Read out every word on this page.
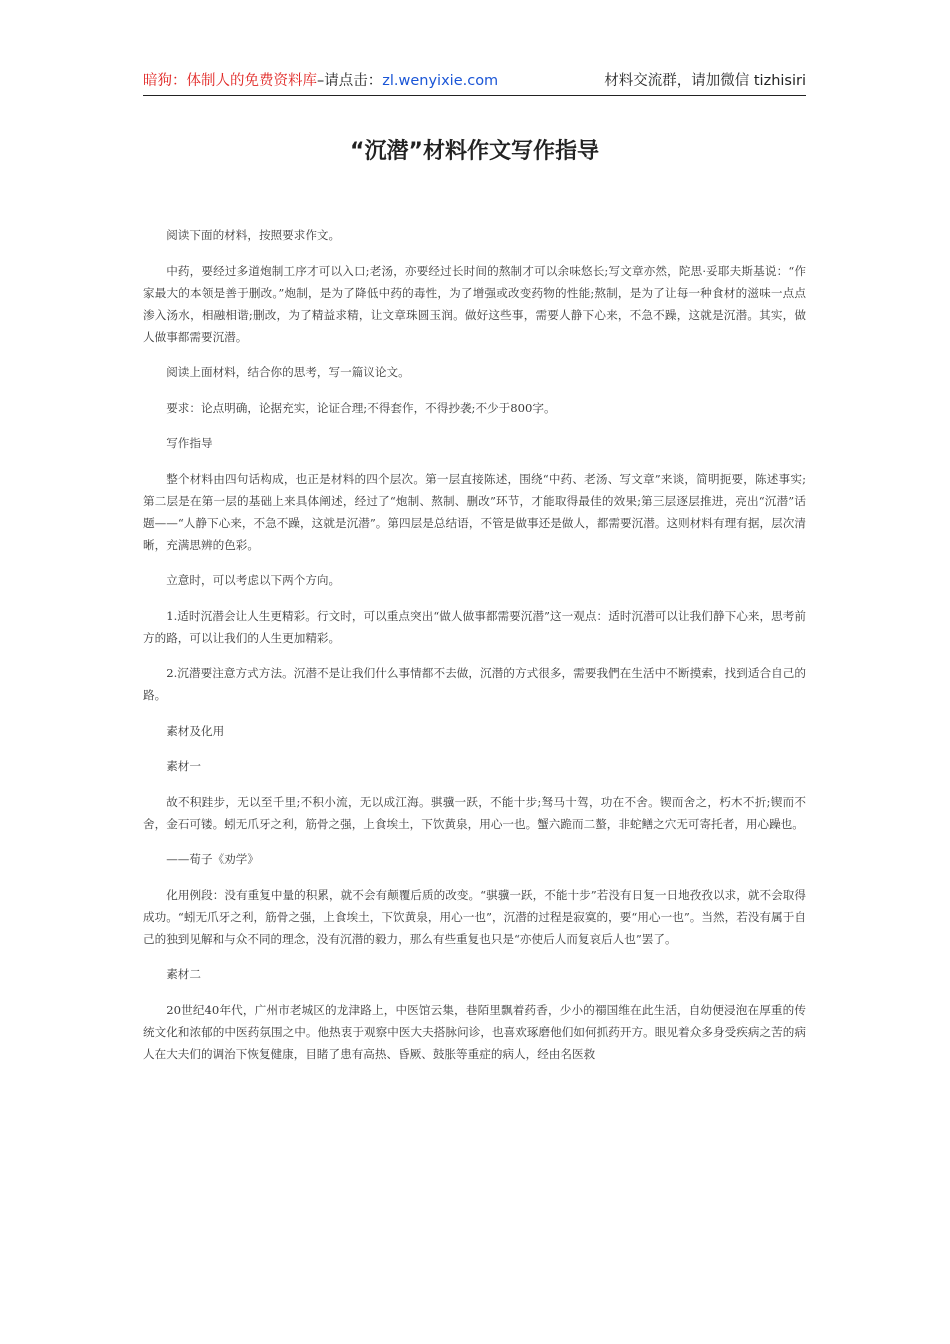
暗狗：体制人的免费资料库–请点击：zl.wenyixie.com	材料交流群，请加微信 tizhisiri
“沉潜”材料作文写作指导

阅读下面的材料，按照要求作文。

中药，要经过多道炮制工序才可以入口;老汤，亦要经过长时间的熬制才可以余味悠长;写文章亦然，陀思·妥耶夫斯基说：“作家最大的本领是善于删改。”炮制，是为了降低中药的毒性，为了增强或改变药物的性能;熬制，是为了让每一种食材的滋味一点点渗入汤水，相融相谐;删改，为了精益求精，让文章珠圆玉润。做好这些事，需要人静下心来，不急不躁，这就是沉潜。其实，做人做事都需要沉潜。

阅读上面材料，结合你的思考，写一篇议论文。

要求：论点明确，论据充实，论证合理;不得套作，不得抄袭;不少于800字。

写作指导

整个材料由四句话构成，也正是材料的四个层次。第一层直接陈述，围绕“中药、老汤、写文章”来谈，简明扼要，陈述事实;第二层是在第一层的基础上来具体阐述，经过了“炮制、熬制、删改”环节，才能取得最佳的效果;第三层逐层推进，亮出“沉潜”话题——“人静下心来，不急不躁，这就是沉潜”。第四层是总结语，不管是做事还是做人，都需要沉潜。这则材料有理有据，层次清晰，充满思辨的色彩。

立意时，可以考虑以下两个方向。

1.适时沉潜会让人生更精彩。行文时，可以重点突出“做人做事都需要沉潜”这一观点：适时沉潜可以让我们静下心来，思考前方的路，可以让我们的人生更加精彩。

2.沉潜要注意方式方法。沉潜不是让我们什么事情都不去做，沉潜的方式很多，需要我們在生活中不断摸索，找到适合自己的路。

素材及化用

素材一

故不积跬步，无以至千里;不积小流，无以成江海。骐骥一跃，不能十步;驽马十驾，功在不舍。锲而舍之，朽木不折;锲而不舍，金石可镂。蚓无爪牙之利，筋骨之强，上食埃土，下饮黄泉，用心一也。蟹六跪而二螯，非蛇鳝之穴无可寄托者，用心躁也。

——荀子《劝学》

化用例段：没有重复中量的积累，就不会有颠覆后质的改变。“骐骥一跃，不能十步”若没有日复一日地孜孜以求，就不会取得成功。“蚓无爪牙之利，筋骨之强，上食埃土，下饮黄泉，用心一也”，沉潜的过程是寂寞的，要“用心一也”。当然，若没有属于自己的独到见解和与众不同的理念，没有沉潜的毅力，那么有些重复也只是“亦使后人而复哀后人也”罢了。

素材二

20世纪40年代，广州市老城区的龙津路上，中医馆云集，巷陌里飘着药香，少小的禤国维在此生活，自幼便浸泡在厚重的传统文化和浓郁的中医药氛围之中。他热衷于观察中医大夫搭脉问诊，也喜欢琢磨他们如何抓药开方。眼见着众多身受疾病之苦的病人在大夫们的调治下恢复健康，目睹了患有高热、昏厥、鼓胀等重症的病人，经由名医救
